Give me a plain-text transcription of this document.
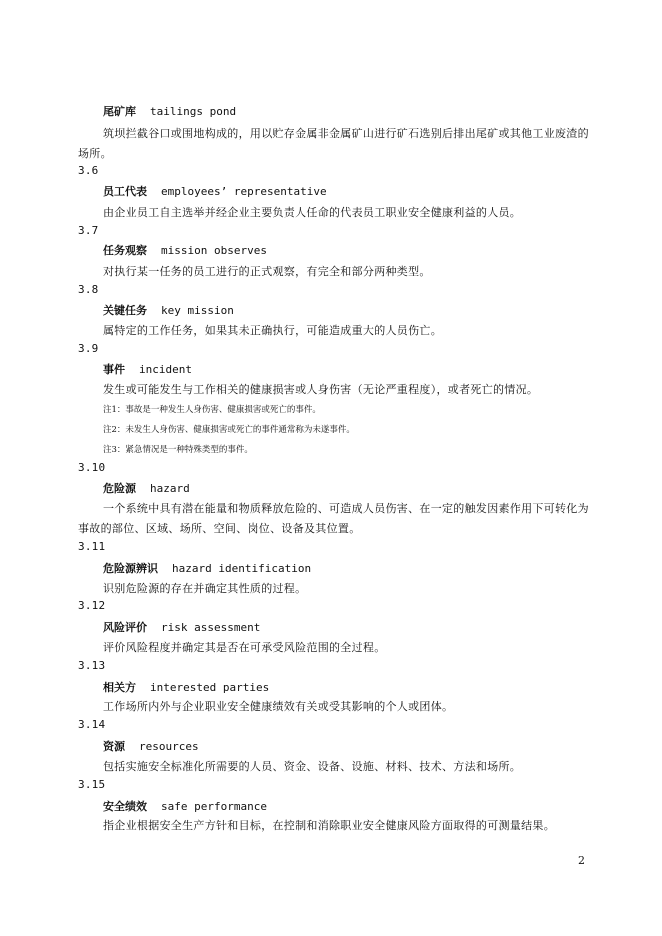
尾矿库 tailings pond
筑坝拦截谷口或围地构成的，用以贮存金属非金属矿山进行矿石选别后排出尾矿或其他工业废渣的
场所。
3.6
员工代表 employees’ representative
由企业员工自主选举并经企业主要负责人任命的代表员工职业安全健康利益的人员。
3.7
任务观察 mission observes
对执行某一任务的员工进行的正式观察，有完全和部分两种类型。
3.8
关键任务 key mission
属特定的工作任务，如果其未正确执行，可能造成重大的人员伤亡。
3.9
事件 incident
发生或可能发生与工作相关的健康损害或人身伤害（无论严重程度），或者死亡的情况。
注1：事故是一种发生人身伤害、健康损害或死亡的事件。
注2：未发生人身伤害、健康损害或死亡的事件通常称为未遂事件。
注3：紧急情况是一种特殊类型的事件。
3.10
危险源 hazard
一个系统中具有潜在能量和物质释放危险的、可造成人员伤害、在一定的触发因素作用下可转化为
事故的部位、区域、场所、空间、岗位、设备及其位置。
3.11
危险源辨识 hazard identification
识别危险源的存在并确定其性质的过程。
3.12
风险评价 risk assessment
评价风险程度并确定其是否在可承受风险范围的全过程。
3.13
相关方 interested parties
工作场所内外与企业职业安全健康绩效有关或受其影响的个人或团体。
3.14
资源 resources
包括实施安全标准化所需要的人员、资金、设备、设施、材料、技术、方法和场所。
3.15
安全绩效 safe performance
指企业根据安全生产方针和目标，在控制和消除职业安全健康风险方面取得的可测量结果。
2
